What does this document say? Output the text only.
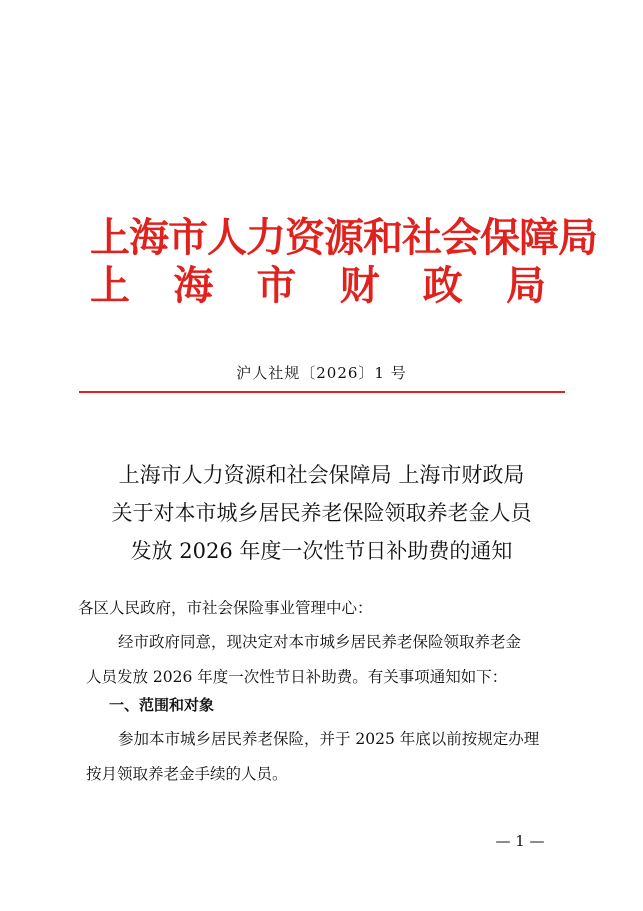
上海市人力资源和社会保障局
上 海 市 财 政 局
沪人社规〔2026〕1 号
上海市人力资源和社会保障局 上海市财政局
关于对本市城乡居民养老保险领取养老金人员
发放 2026 年度一次性节日补助费的通知
各区人民政府，市社会保险事业管理中心：
经市政府同意，现决定对本市城乡居民养老保险领取养老金
人员发放 2026 年度一次性节日补助费。有关事项通知如下：
一、范围和对象
参加本市城乡居民养老保险，并于 2025 年底以前按规定办理
按月领取养老金手续的人员。
— 1 —
